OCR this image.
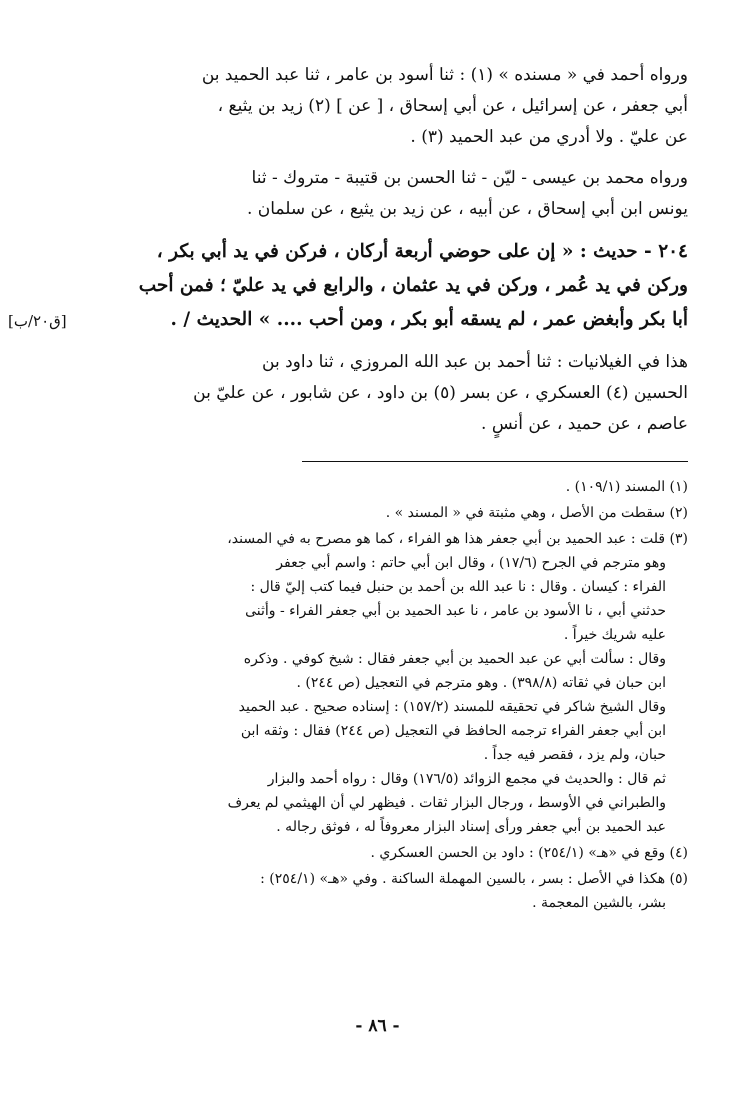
ورواه أحمد في « مسنده » (١) : ثنا أسود بن عامر ، ثنا عبد الحميد بن
أبي جعفر ، عن إسرائيل ، عن أبي إسحاق ، [ عن ] (٢) زيد بن يثيع ،
عن عليّ . ولا أدري من عبد الحميد (٣) .

ورواه محمد بن عيسى - ليّن - ثنا الحسن بن قتيبة - متروك - ثنا
يونس ابن أبي إسحاق ، عن أبيه ، عن زيد بن يثيع ، عن سلمان .

٢٠٤ - حديث : « إن على حوضي أربعة أركان ، فركن في يد أبي بكر ،
وركن في يد عُمر ، وركن في يد عثمان ، والرابع في يد عليّ ؛ فمن أحب
أبا بكر وأبغض عمر ، لم يسقه أبو بكر ، ومن أحب .... » الحديث / .

هذا في الغيلانيات : ثنا أحمد بن عبد الله المروزي ، ثنا داود بن
الحسين (٤) العسكري ، عن بسر (٥) بن داود ، عن شابور ، عن عليّ بن
عاصم ، عن حميد ، عن أنسٍ .

[ق٢٠/ب]
(١) المسند (١٠٩/١) .
(٢) سقطت من الأصل ، وهي مثبتة في « المسند » .
(٣) قلت : عبد الحميد بن أبي جعفر هذا هو الفراء ، كما هو مصرح به في المسند،
وهو مترجم في الجرح (١٧/٦) ، وقال ابن أبي حاتم : واسم أبي جعفر
الفراء : كيسان . وقال : نا عبد الله بن أحمد بن حنبل فيما كتب إليّ قال :
حدثني أبي ، نا الأسود بن عامر ، نا عبد الحميد بن أبي جعفر الفراء - وأثنى
عليه شريك خيراً .
وقال : سألت أبي عن عبد الحميد بن أبي جعفر فقال : شيخ كوفي . وذكره
ابن حبان في ثقاته (٣٩٨/٨) . وهو مترجم في التعجيل (ص ٢٤٤) .
وقال الشيخ شاكر في تحقيقه للمسند (١٥٧/٢) : إسناده صحيح . عبد الحميد
ابن أبي جعفر الفراء ترجمه الحافظ في التعجيل (ص ٢٤٤) فقال : وثقه ابن
حبان، ولم يزد ، فقصر فيه جداً .
ثم قال : والحديث في مجمع الزوائد (١٧٦/٥) وقال : رواه أحمد والبزار
والطبراني في الأوسط ، ورجال البزار ثقات . فيظهر لي أن الهيثمي لم يعرف
عبد الحميد بن أبي جعفر ورأى إسناد البزار معروفاً له ، فوثق رجاله .
(٤) وقع في «هـ» (٢٥٤/١) : داود بن الحسن العسكري .
(٥) هكذا في الأصل : بسر ، بالسين المهملة الساكنة . وفي «هـ» (٢٥٤/١) :
بشر، بالشين المعجمة .
- ٨٦ -
